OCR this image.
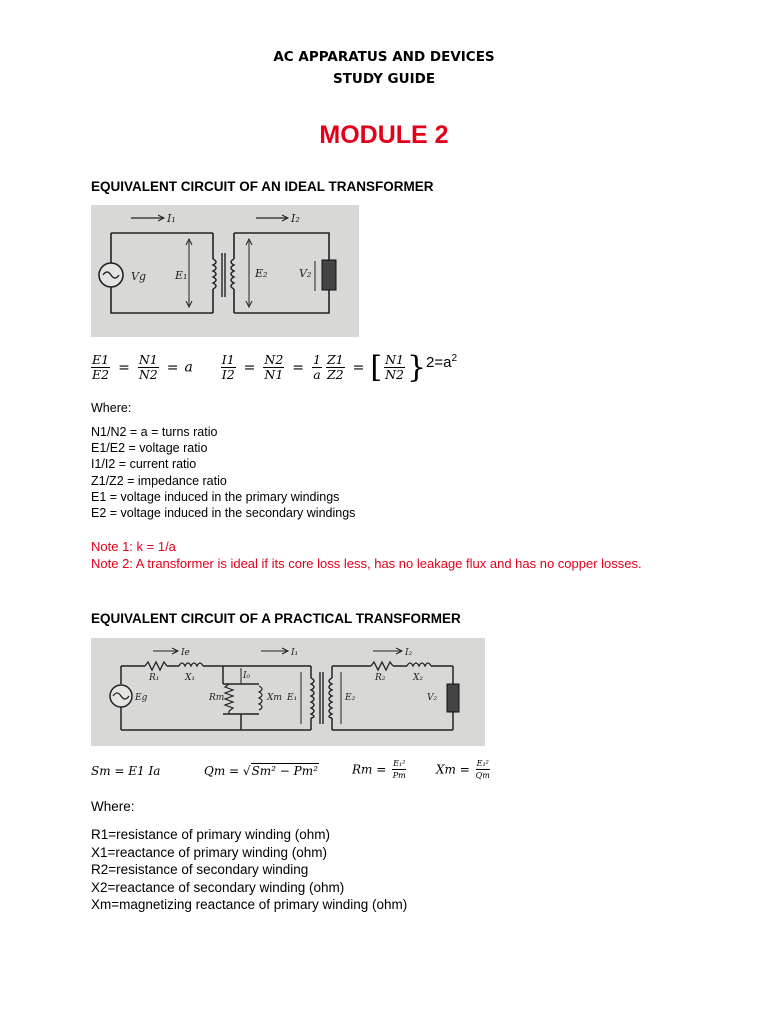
AC APPARATUS AND DEVICES
STUDY GUIDE
MODULE 2
EQUIVALENT CIRCUIT OF AN IDEAL TRANSFORMER
I₁	I₂
Vg	E₁	E₂	V₂
$\frac{E1}{E2} = \frac{N1}{N2} = a \frac{I1}{I2} = \frac{N2}{N1} = \frac{1}{a} \frac{Z1}{Z2}$ = [ $\frac{N1}{N2} \}2=a^2$
Where:

N1/N2 = a = turns ratio

E1/E2 = voltage ratio

I1/I2 = current ratio

Z1/Z2 = impedance ratio

E1 = voltage induced in the primary windings

E2 = voltage induced in the secondary windings

Note 1: k = 1/a
Note 2: A transformer is ideal if its core loss less, has no leakage flux and has no copper losses.
EQUIVALENT CIRCUIT OF A PRACTICAL TRANSFORMER
Ie	I₁	I₂
R₁	X₁	I₀
Eg	Rm	Xm E₁	E₂
R₂	X₂
V₂
Sm = E1 Ia	Qm = √Sm² − Pm²	$Rm = \frac{\text{E₁²}}{Pm}$ $Xm = \frac{\text{E₁²}}{Qm}$
Where:

R1=resistance of primary winding (ohm)

X1=reactance of primary winding (ohm)

R2=resistance of secondary winding

X2=reactance of secondary winding (ohm)

Xm=magnetizing reactance of primary winding (ohm)
